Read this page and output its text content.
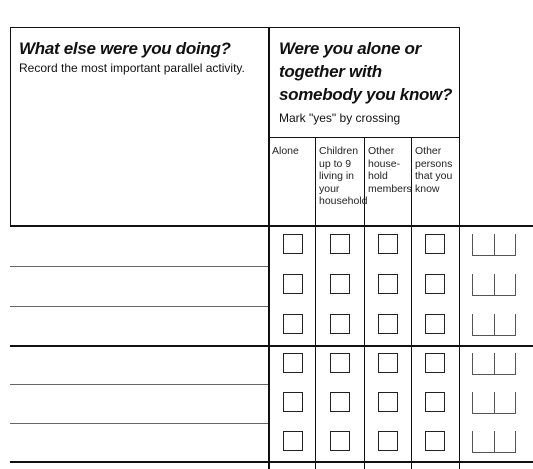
What else were you doing?
Record the most important parallel activity.
Were you alone or
together with
somebody you know?
Mark "yes" by crossing
Alone Children
up to 9
living in
your
household
Other
house-
hold
members
Other
persons
that you
know
